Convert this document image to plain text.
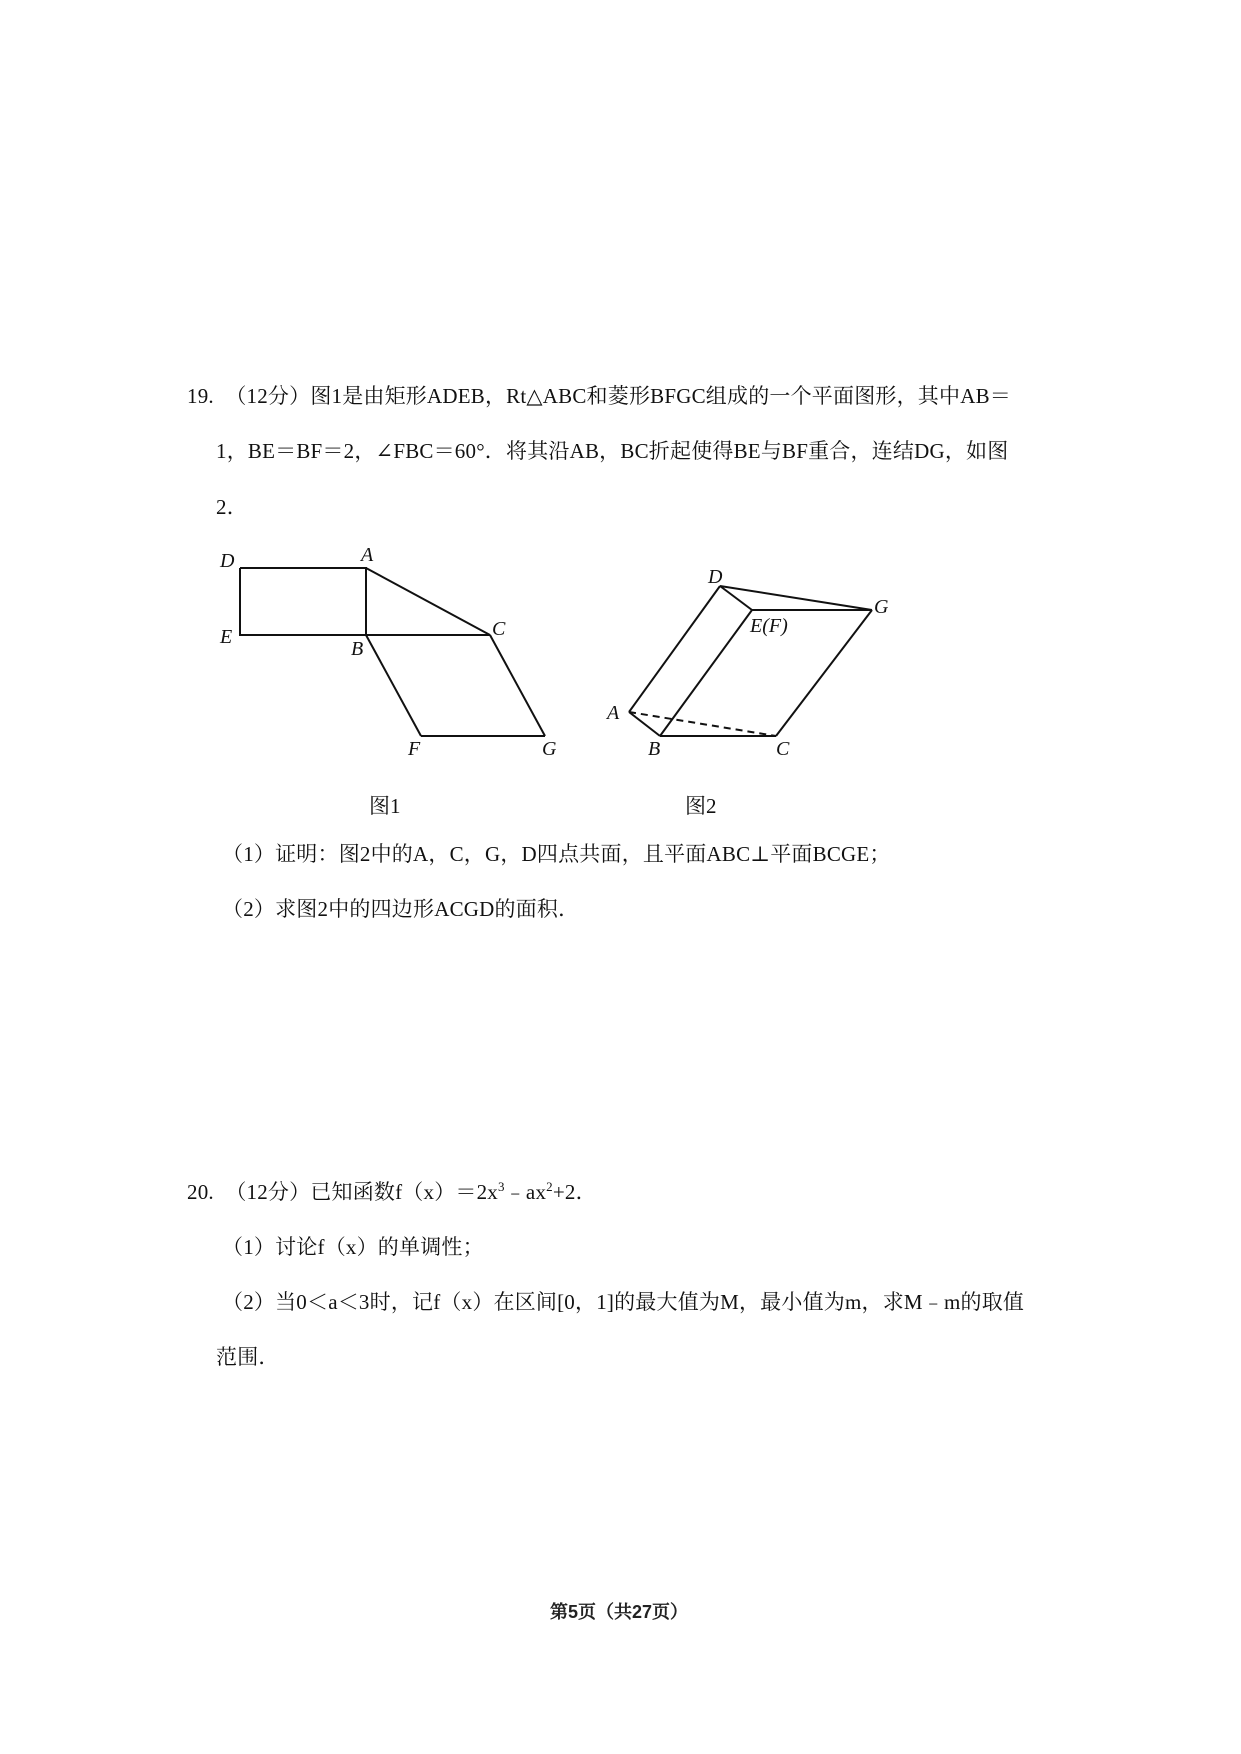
19. （12分）图1是由矩形ADEB，Rt△ABC和菱形BFGC组成的一个平面图形，其中AB＝
1，BE＝BF＝2，∠FBC＝60°．将其沿AB，BC折起使得BE与BF重合，连结DG，如图
2．
D	A
E
B
C
F	G
D
E(F)
G
A
B	C
图1	图2
（1）证明：图2中的A，C，G，D四点共面，且平面ABC⊥平面BCGE；
（2）求图2中的四边形ACGD的面积．
20. （12分）已知函数$f(x)=2x^3﹣ax^2+2$．
（1）讨论f（x）的单调性；
（2）当0＜a＜3时，记f（x）在区间[0，1]的最大值为M，最小值为m，求M﹣m的取值
范围．
第5页（共27页）
